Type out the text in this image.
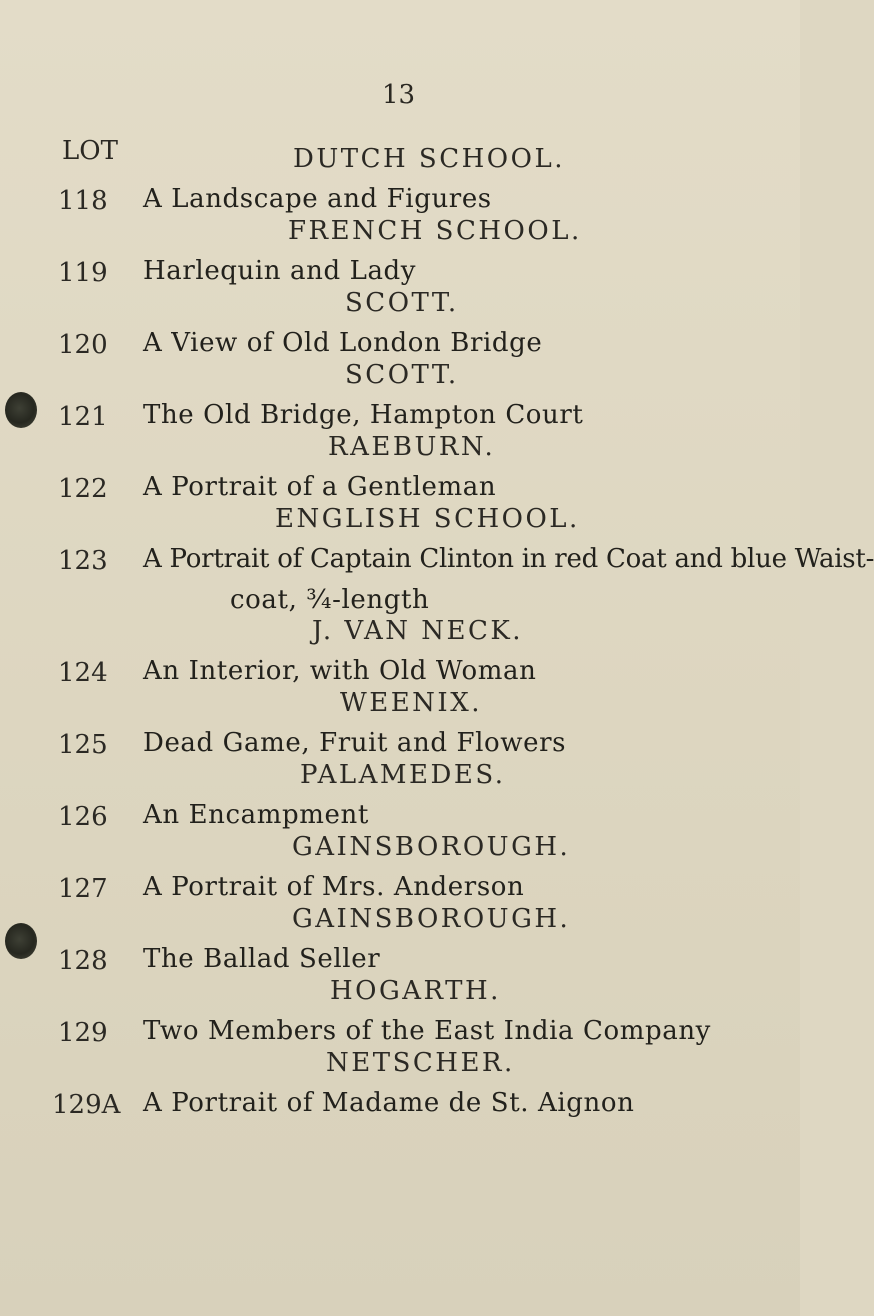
13
LOT	DUTCH SCHOOL.
118 A Landscape and Figures
FRENCH SCHOOL.
119 Harlequin and Lady
SCOTT.
120 A View of Old London Bridge
SCOTT.
121 The Old Bridge, Hampton Court
RAEBURN.
122 A Portrait of a Gentleman
ENGLISH SCHOOL.
123 A Portrait of Captain Clinton in red Coat and blue Waist-
coat, ¾-length
J. VAN NECK.
124 An Interior, with Old Woman
WEENIX.
125 Dead Game, Fruit and Flowers
PALAMEDES.
126 An Encampment
GAINSBOROUGH.
127 A Portrait of Mrs. Anderson
GAINSBOROUGH.
128 The Ballad Seller
HOGARTH.
129 Two Members of the East India Company
NETSCHER.
129A A Portrait of Madame de St. Aignon
